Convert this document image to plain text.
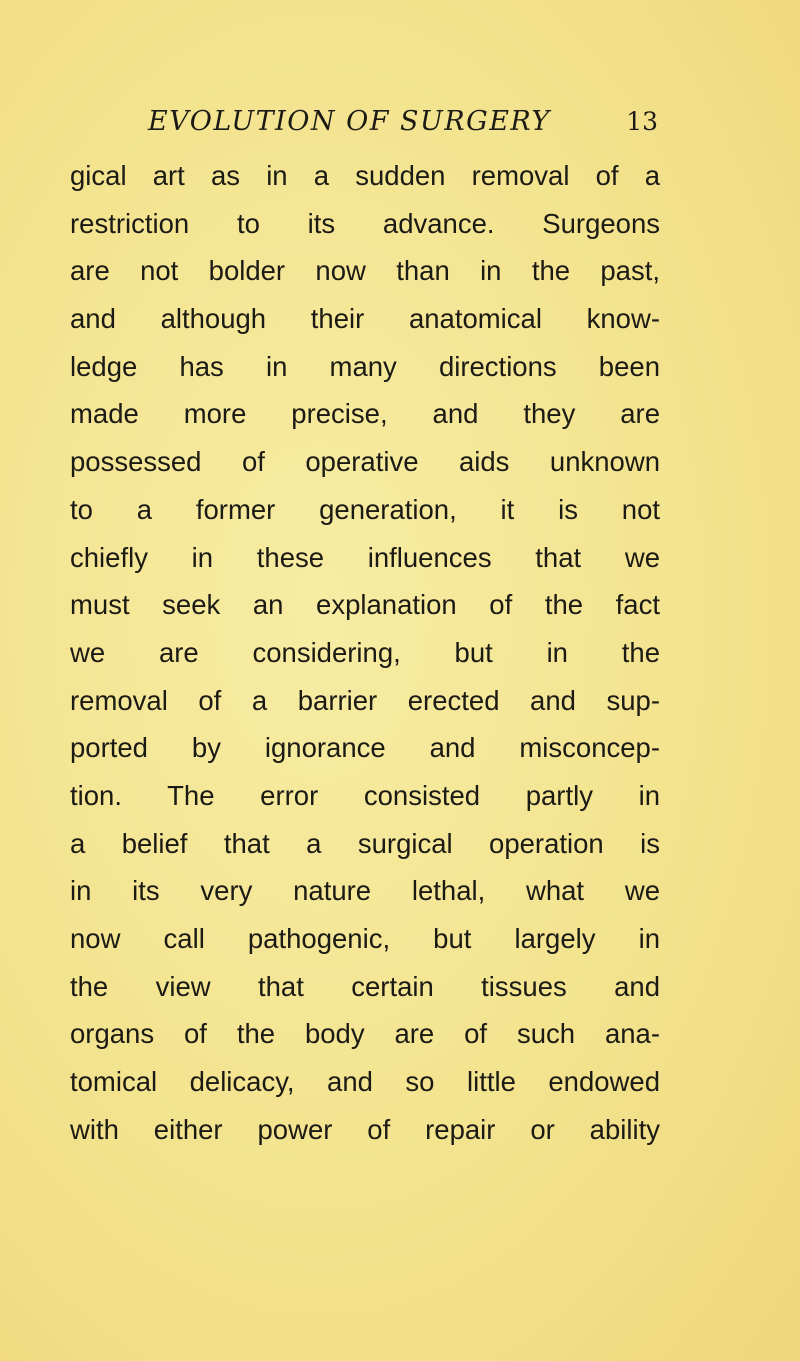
EVOLUTION OF SURGERY	13
gical art as in a sudden removal of a
restriction to its advance. Surgeons
are not bolder now than in the past,
and although their anatomical know-
ledge has in many directions been
made more precise, and they are
possessed of operative aids unknown
to a former generation, it is not
chiefly in these influences that we
must seek an explanation of the fact
we are considering, but in the
removal of a barrier erected and sup-
ported by ignorance and misconcep-
tion. The error consisted partly in
a belief that a surgical operation is
in its very nature lethal, what we
now call pathogenic, but largely in
the view that certain tissues and
organs of the body are of such ana-
tomical delicacy, and so little endowed
with either power of repair or ability
